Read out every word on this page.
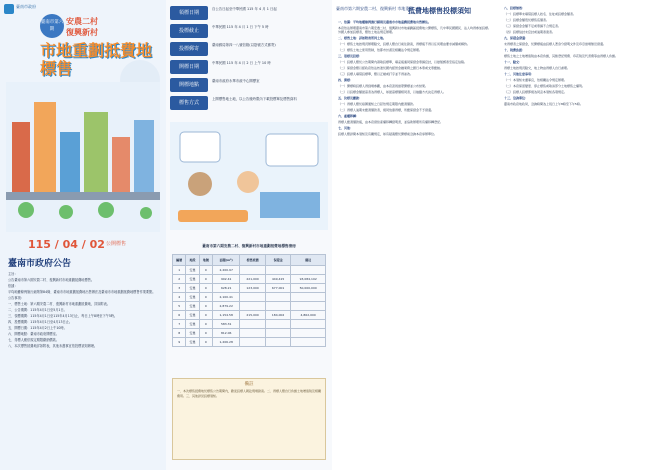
臺南市政府
臺南市第六期
安農二村
復興新村
市地重劃抵費地標售
115 / 04 / 02 公開標售
臺南市政府公告

主旨：

公告臺南市第六期安農二村、復興新村市地重劃抵費地標售。

依據：

平均地權條例施行細則第84條、臺南市市地重劃抵費地出售辦法及臺南市市地重劃抵費地標售作業要點。

公告事項：

一、標售土地：第六期安農二村、復興新村市地重劃抵費地，詳如附表。

二、公告期間：115年4月1日至5月1日。

三、領標期間：115年4月1日至115年4月13日止，每日上午8時至下午5時。

四、投標期間：115年4月1日至4月13日止。

五、開標日期：115年4月2日上午10時。

六、開標地點：臺南市政府開標室。

七、得標人應依規定期限繳納價款。

八、本次標售抵費地詳如附表，其他未盡事宜依投標須知辦理。

領標日期
自公告日起至中華民國 115 年 4 月 1 日起
投標截止
中華民國 115 年 4 月 1 日 下午 5 時
投標郵寄
臺南郵局第四一八號信箱(以掛號方式郵寄)
開標日期
中華民國 115 年 4 月 2 日 上午 10 時
開標地點
臺南市政府永華市政中心開標室
標售方式
上開標售地土地，以公告後時限內下載投標單及標售資料
臺南市第六期安農二村、復興新村市地重劃抵費地標售清冊
編號	地段	地號	面積(m²)	標售底價	保證金	備註
1	安農	0	2,200.97			
2	安農	0	902.41	221,000	449,415	93,084,102
3	安農	0	628.21	123,000	677,001	50,000,000
4	安農	0	2,100.41			
5	安農	0	2,879.22			
6	安農	0	1,154.58	215,000	184,002	4,862,000
7	安農	0	583.31			
8	安農	0	812.06			
9	安農	0	1,206.28			
備註
一、本次標售抵費地於標售公告期間內，歡迎投標人親赴現場勘查。二、得標人應自行負擔土地增值稅及相關費用。三、其他詳見投標須知。
臺南市第六期安農二村、復興新村 市地重劃
抵費地標售投標須知

一、依據：平均地權條例施行細則及臺南市市地重劃抵費地出售辦法。

本府依法辦理臺南市第六期安農二村、復興新村市地重劃區抵費地公開標售，凡中華民國國民、法人均得參加投標。外國人參加投標者，應依土地法規定辦理。

二、標售土地：詳如附表所列土地。

（一）標售土地按現況辦理點交，投標人應自行前往勘查，得標後不得以任何理由要求減價或解約。

（二）標售土地之使用管制，依都市計畫及相關法令規定辦理。

三、領標及投標：

（一）投標人應於公告期間內領取投標單，填妥後連同保證金票據密封，以掛號郵寄至指定信箱。

（二）保證金應以經政府依法核准於國內經營金融業務之銀行本票或支票繳納。

（三）投標人填寫投標單，應以正楷或打字並不得塗改。

四、開標：

（一）開標時投標人得到場參觀，由本府派員當眾開標並公布結果。

（二）以投標金額最高者為得標人，如最高標價相同者，以抽籤方式決定得標人。

五、決標及繳款：

（一）得標人應於接獲通知之日起依規定期限內繳清價款。

（二）得標人逾期未繳清價款者，視同放棄得標，所繳保證金不予發還。

六、產權移轉：

得標人繳清價款後，由本府發給產權移轉證明書，並協助辦理所有權移轉登記。

七、其他：

投標人應詳閱本須知及有關規定，如有疑義應於開標前洽詢本府承辦單位。

八、投標無效：

（一）投標單未填寫投標人姓名、住址或投標金額者。

（二）投標金額低於標售底價者。

（三）保證金金額不足或票據不合規定者。

（四）投標信封未密封或逾期寄達者。

九、保證金發還：

未得標者之保證金，於開標後由投標人憑身分證明文件及印章當場無息發還。

十、稅費負擔：

標售土地之土地增值稅由本府負擔，其餘登記規費、印花稅及代書費等由得標人負擔。

十一、點交：

得標土地按現況點交，地上物由得標人自行處理。

十二、其他注意事項：

（一）本須知未盡事宜，依相關法令規定辦理。

（二）本府保留變更、停止標售或取消部分土地標售之權利。

（三）投標人投標即視為同意本須知各項規定。

十三、洽詢單位：

臺南市政府地政局，洽詢時間為上班日上午8時至下午5時。
